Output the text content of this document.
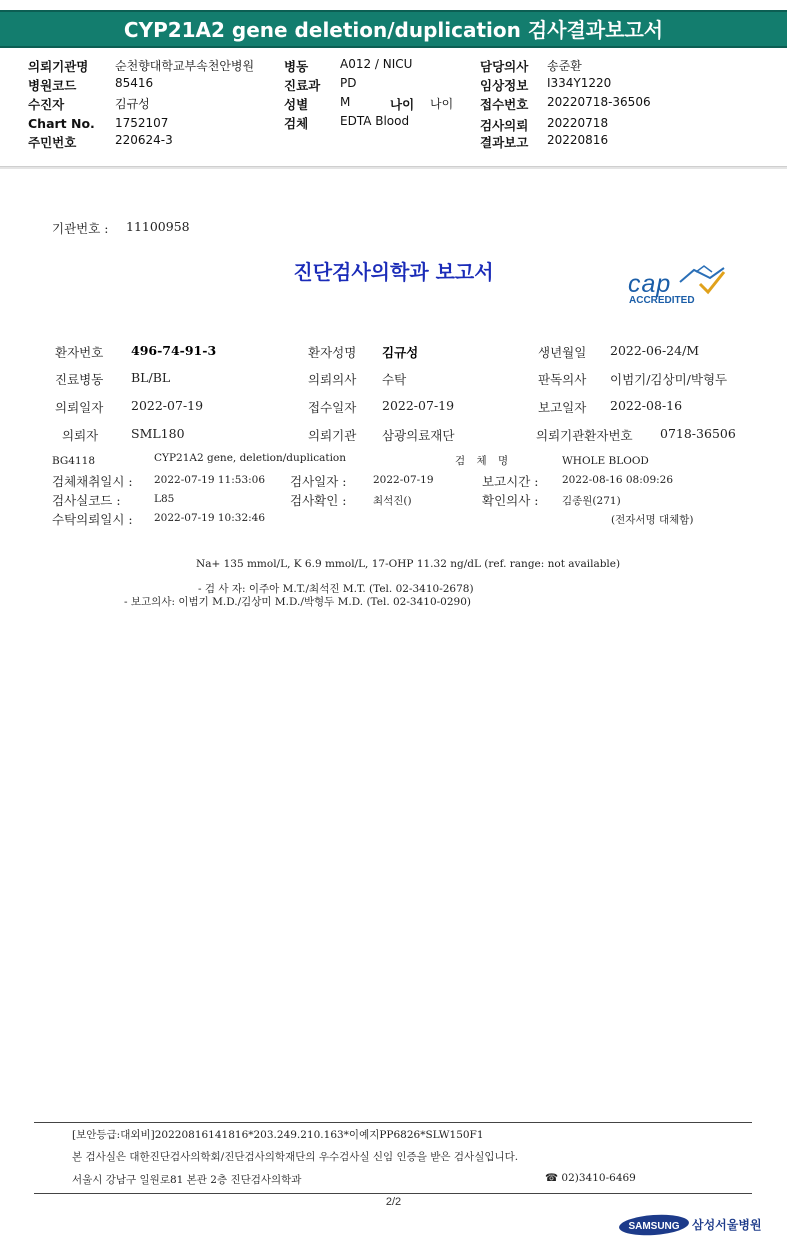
CYP21A2 gene deletion/duplication 검사결과보고서
의뢰기관명 순천향대학교부속천안병원
병원코드	85416
수진자	김규성
Chart No. 1752107
주민번호	220624-3
병동	A012 / NICU
진료과 PD
성별	M	나이 나이
검체	EDTA Blood
담당의사 송준환
임상정보 I334Y1220
접수번호 20220718-36506
검사의뢰 20220718
결과보고 20220816
기관번호 : 11100958
진단검사의학과 보고서	cap
ACCREDITED
환자번호 496-74-91-3	환자성명 김규성	생년월일 2022-06-24/M
진료병동 BL/BL	의뢰의사 수탁	판독의사 이범기/김상미/박형두
의뢰일자 2022-07-19	접수일자 2022-07-19	보고일자 2022-08-16
의뢰자	SML180	의뢰기관 삼광의료재단	의뢰기관환자번호 0718-36506
BG4118	CYP21A2 gene, deletion/duplication	검 체 명	WHOLE BLOOD
검체채취일시 : 2022-07-19 11:53:06 검사일자 :	2022-07-19	보고시간 : 2022-08-16 08:09:26
검사실코드 :	L85	검사확인 :	최석진()	확인의사 : 김종원(271)
수탁의뢰일시 : 2022-07-19 10:32:46	(전자서명 대체함)
Na+ 135 mmol/L, K 6.9 mmol/L, 17-OHP 11.32 ng/dL (ref. range: not available)
- 검 사 자: 이주아 M.T./최석진 M.T. (Tel. 02-3410-2678)
- 보고의사: 이범기 M.D./김상미 M.D./박형두 M.D. (Tel. 02-3410-0290)
[보안등급:대외비]20220816141816*203.249.210.163*이예지PP6826*SLW150F1
본 검사실은 대한진단검사의학회/진단검사의학재단의 우수검사실 신임 인증을 받은 검사실입니다.
서울시 강남구 일원로81 본관 2층 진단검사의학과	☎ 02)3410-6469
2/2
SAMSUNG 삼성서울병원
